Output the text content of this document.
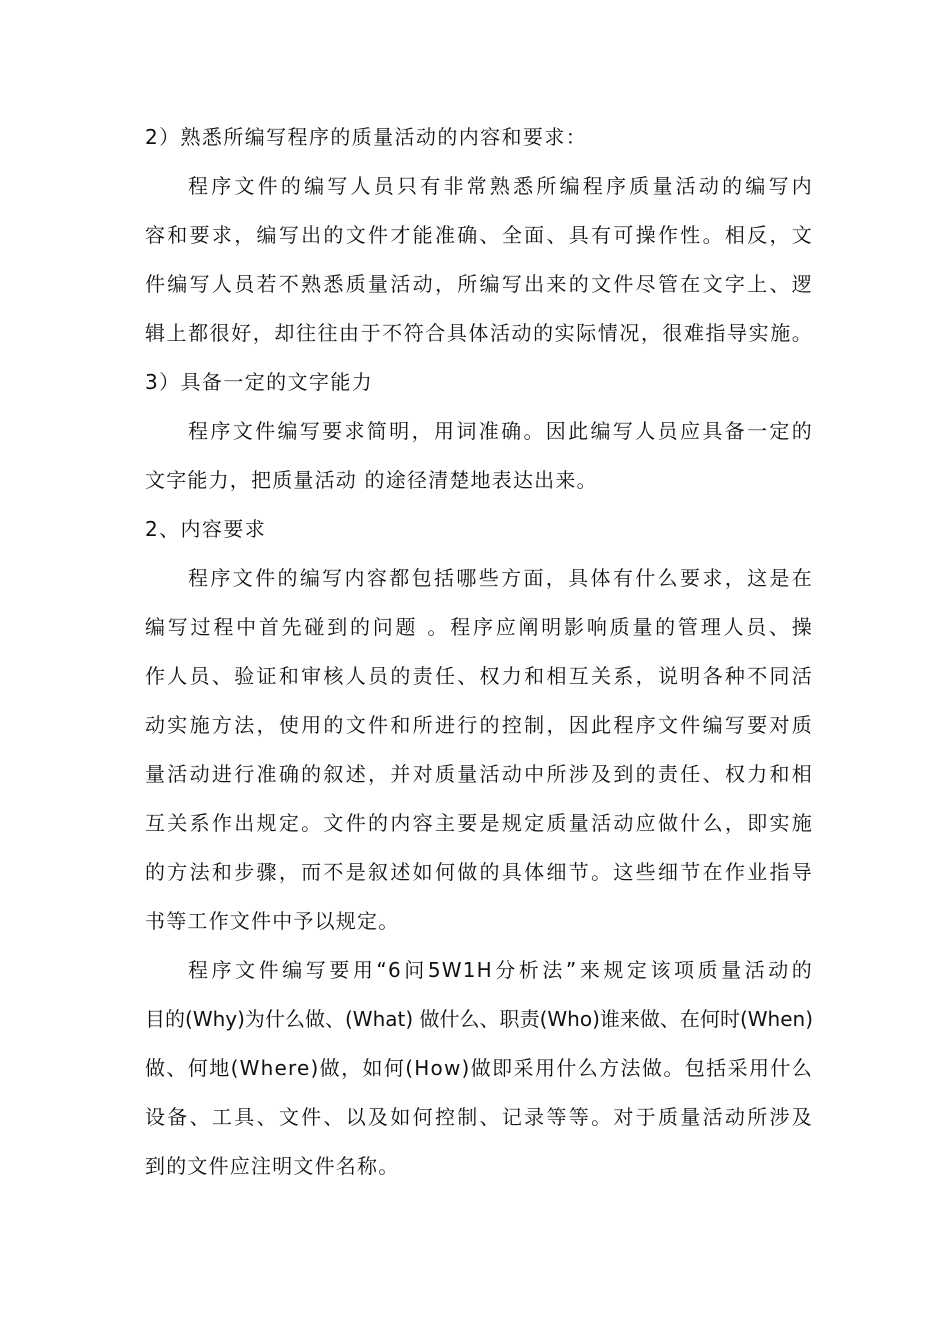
2）熟悉所编写程序的质量活动的内容和要求：
程序文件的编写人员只有非常熟悉所编程序质量活动的编写内
容和要求，编写出的文件才能准确、全面、具有可操作性。相反，文
件编写人员若不熟悉质量活动，所编写出来的文件尽管在文字上、逻
辑上都很好，却往往由于不符合具体活动的实际情况，很难指导实施。
3）具备一定的文字能力
程序文件编写要求简明，用词准确。因此编写人员应具备一定的
文字能力，把质量活动 的途径清楚地表达出来。
2、内容要求
程序文件的编写内容都包括哪些方面，具体有什么要求，这是在
编写过程中首先碰到的问题 。程序应阐明影响质量的管理人员、操
作人员、验证和审核人员的责任、权力和相互关系，说明各种不同活
动实施方法，使用的文件和所进行的控制，因此程序文件编写要对质
量活动进行准确的叙述，并对质量活动中所涉及到的责任、权力和相
互关系作出规定。文件的内容主要是规定质量活动应做什么，即实施
的方法和步骤，而不是叙述如何做的具体细节。这些细节在作业指导
书等工作文件中予以规定。
程序文件编写要用“6问5W1H分析法”来规定该项质量活动的
目的(Why)为什么做、(What) 做什么、职责(Who)谁来做、在何时(When)
做、何地(Where)做，如何(How)做即采用什么方法做。包括采用什么
设备、工具、文件、以及如何控制、记录等等。对于质量活动所涉及
到的文件应注明文件名称。
